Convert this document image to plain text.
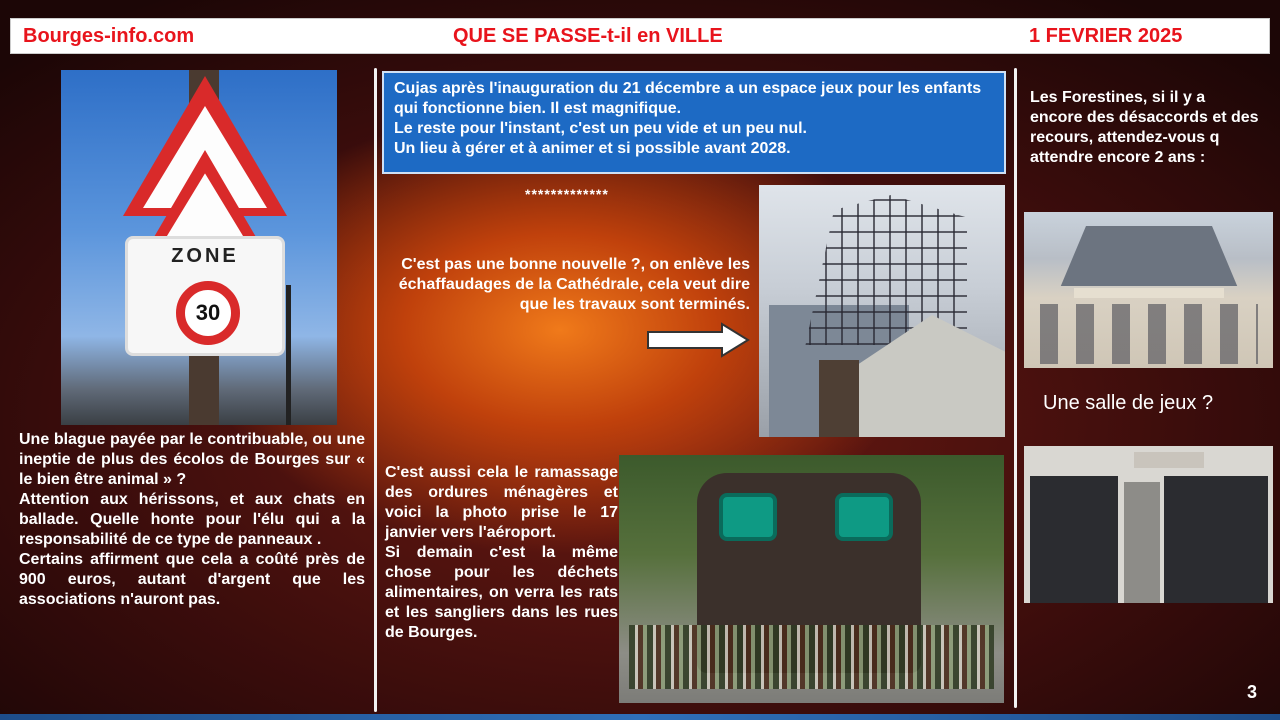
Bourges-info.com	QUE SE PASSE-t-il en VILLE	1 FEVRIER 2025
ZONE
30
Une blague payée par le contribuable, ou une ineptie de plus des écolos de Bourges sur « le bien être animal » ?
Attention aux hérissons, et aux chats en ballade. Quelle honte pour l'élu qui a la responsabilité de ce type de panneaux .
Certains affirment que cela a coûté près de 900 euros, autant d'argent que les associations n'auront pas.
Cujas après l'inauguration du 21 décembre a un espace jeux pour les enfants qui fonctionne bien. Il est magnifique.
Le reste pour l'instant, c'est un peu vide et un peu nul.
Un lieu à gérer et à animer et si possible avant 2028.
*************
C'est pas une bonne nouvelle ?, on enlève les échaffaudages de la Cathédrale, cela veut dire que les travaux sont terminés.
C'est aussi cela le ramassage des ordures ménagères et voici la photo prise le 17 janvier vers l'aéroport.
Si demain c'est la même chose pour les déchets alimentaires, on verra les rats et les sangliers dans les rues de Bourges.
Les Forestines, si il y a encore des désaccords et des recours, attendez-vous q attendre encore 2 ans :
Une salle de jeux ?
3
